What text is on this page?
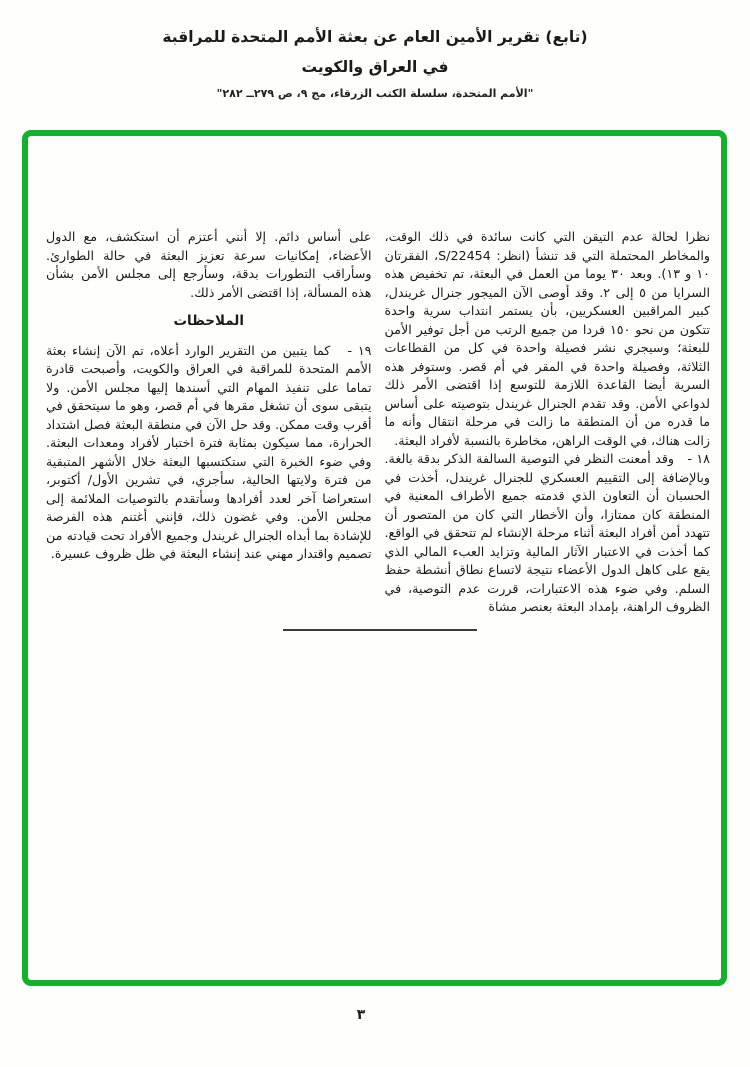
(تابع) تقرير الأمين العام عن بعثة الأمم المتحدة للمراقبة
في العراق والكويت
"الأمم المتحدة، سلسلة الكتب الزرقاء، مج ٩، ص ٢٧٩ــ ٢٨٢"

نظرا لحالة عدم التيقن التي كانت سائدة في ذلك الوقت، والمخاطر المحتملة التي قد تنشأ (انظر: S/22454، الفقرتان ١٠ و ١٣). وبعد ٣٠ يوما من العمل في البعثة، تم تخفيض هذه السرايا من ٥ إلى ٢. وقد أوصى الآن الميجور جنرال غريندل، كبير المراقبين العسكريين، بأن يستمر انتداب سرية واحدة تتكون من نحو ١٥٠ فردا من جميع الرتب من أجل توفير الأمن للبعثة؛ وسيجري نشر فصيلة واحدة في كل من القطاعات الثلاثة، وفصيلة واحدة في المقر في أم قصر. وستوفر هذه السرية أيضا القاعدة اللازمة للتوسع إذا اقتضى الأمر ذلك لدواعي الأمن. وقد تقدم الجنرال غريندل بتوصيته على أساس ما قدره من أن المنطقة ما زالت في مرحلة انتقال وأنه ما زالت هناك، في الوقت الراهن، مخاطرة بالنسبة لأفراد البعثة.

١٨ -   وقد أمعنت النظر في التوصية السالفة الذكر بدقة بالغة. وبالإضافة إلى التقييم العسكري للجنرال غريندل، أخذت في الحسبان أن التعاون الذي قدمته جميع الأطراف المعنية في المنطقة كان ممتازا، وأن الأخطار التي كان من المتصور أن تتهدد أمن أفراد البعثة أثناء مرحلة الإنشاء لم تتحقق في الواقع. كما أخذت في الاعتبار الآثار المالية وتزايد العبء المالي الذي يقع على كاهل الدول الأعضاء نتيجة لاتساع نطاق أنشطة حفظ السلم. وفي ضوء هذه الاعتبارات، قررت عدم التوصية، في الظروف الراهنة، بإمداد البعثة بعنصر مشاة

على أساس دائم. إلا أنني أعتزم أن استكشف، مع الدول الأعضاء، إمكانيات سرعة تعزيز البعثة في حالة الطوارئ. وسأراقب التطورات بدقة، وسأرجع إلى مجلس الأمن بشأن هذه المسألة، إذا اقتضى الأمر ذلك.

الملاحظات

١٩ -   كما يتبين من التقرير الوارد أعلاه، تم الآن إنشاء بعثة الأمم المتحدة للمراقبة في العراق والكويت، وأصبحت قادرة تماما على تنفيذ المهام التي أسندها إليها مجلس الأمن. ولا يتبقى سوى أن تشغل مقرها في أم قصر، وهو ما سيتحقق في أقرب وقت ممكن. وقد حل الآن في منطقة البعثة فصل اشتداد الحرارة، مما سيكون بمثابة فترة اختبار لأفراد ومعدات البعثة. وفي ضوء الخبرة التي ستكتسبها البعثة خلال الأشهر المتبقية من فترة ولايتها الحالية، سأجري، في تشرين الأول/ أكتوبر، استعراضا آخر لعدد أفرادها وسأتقدم بالتوصيات الملائمة إلى مجلس الأمن. وفي غضون ذلك، فإنني أغتنم هذه الفرصة للإشادة بما أبداه الجنرال غريندل وجميع الأفراد تحت قيادته من تصميم واقتدار مهني عند إنشاء البعثة في ظل ظروف عسيرة.

٣
